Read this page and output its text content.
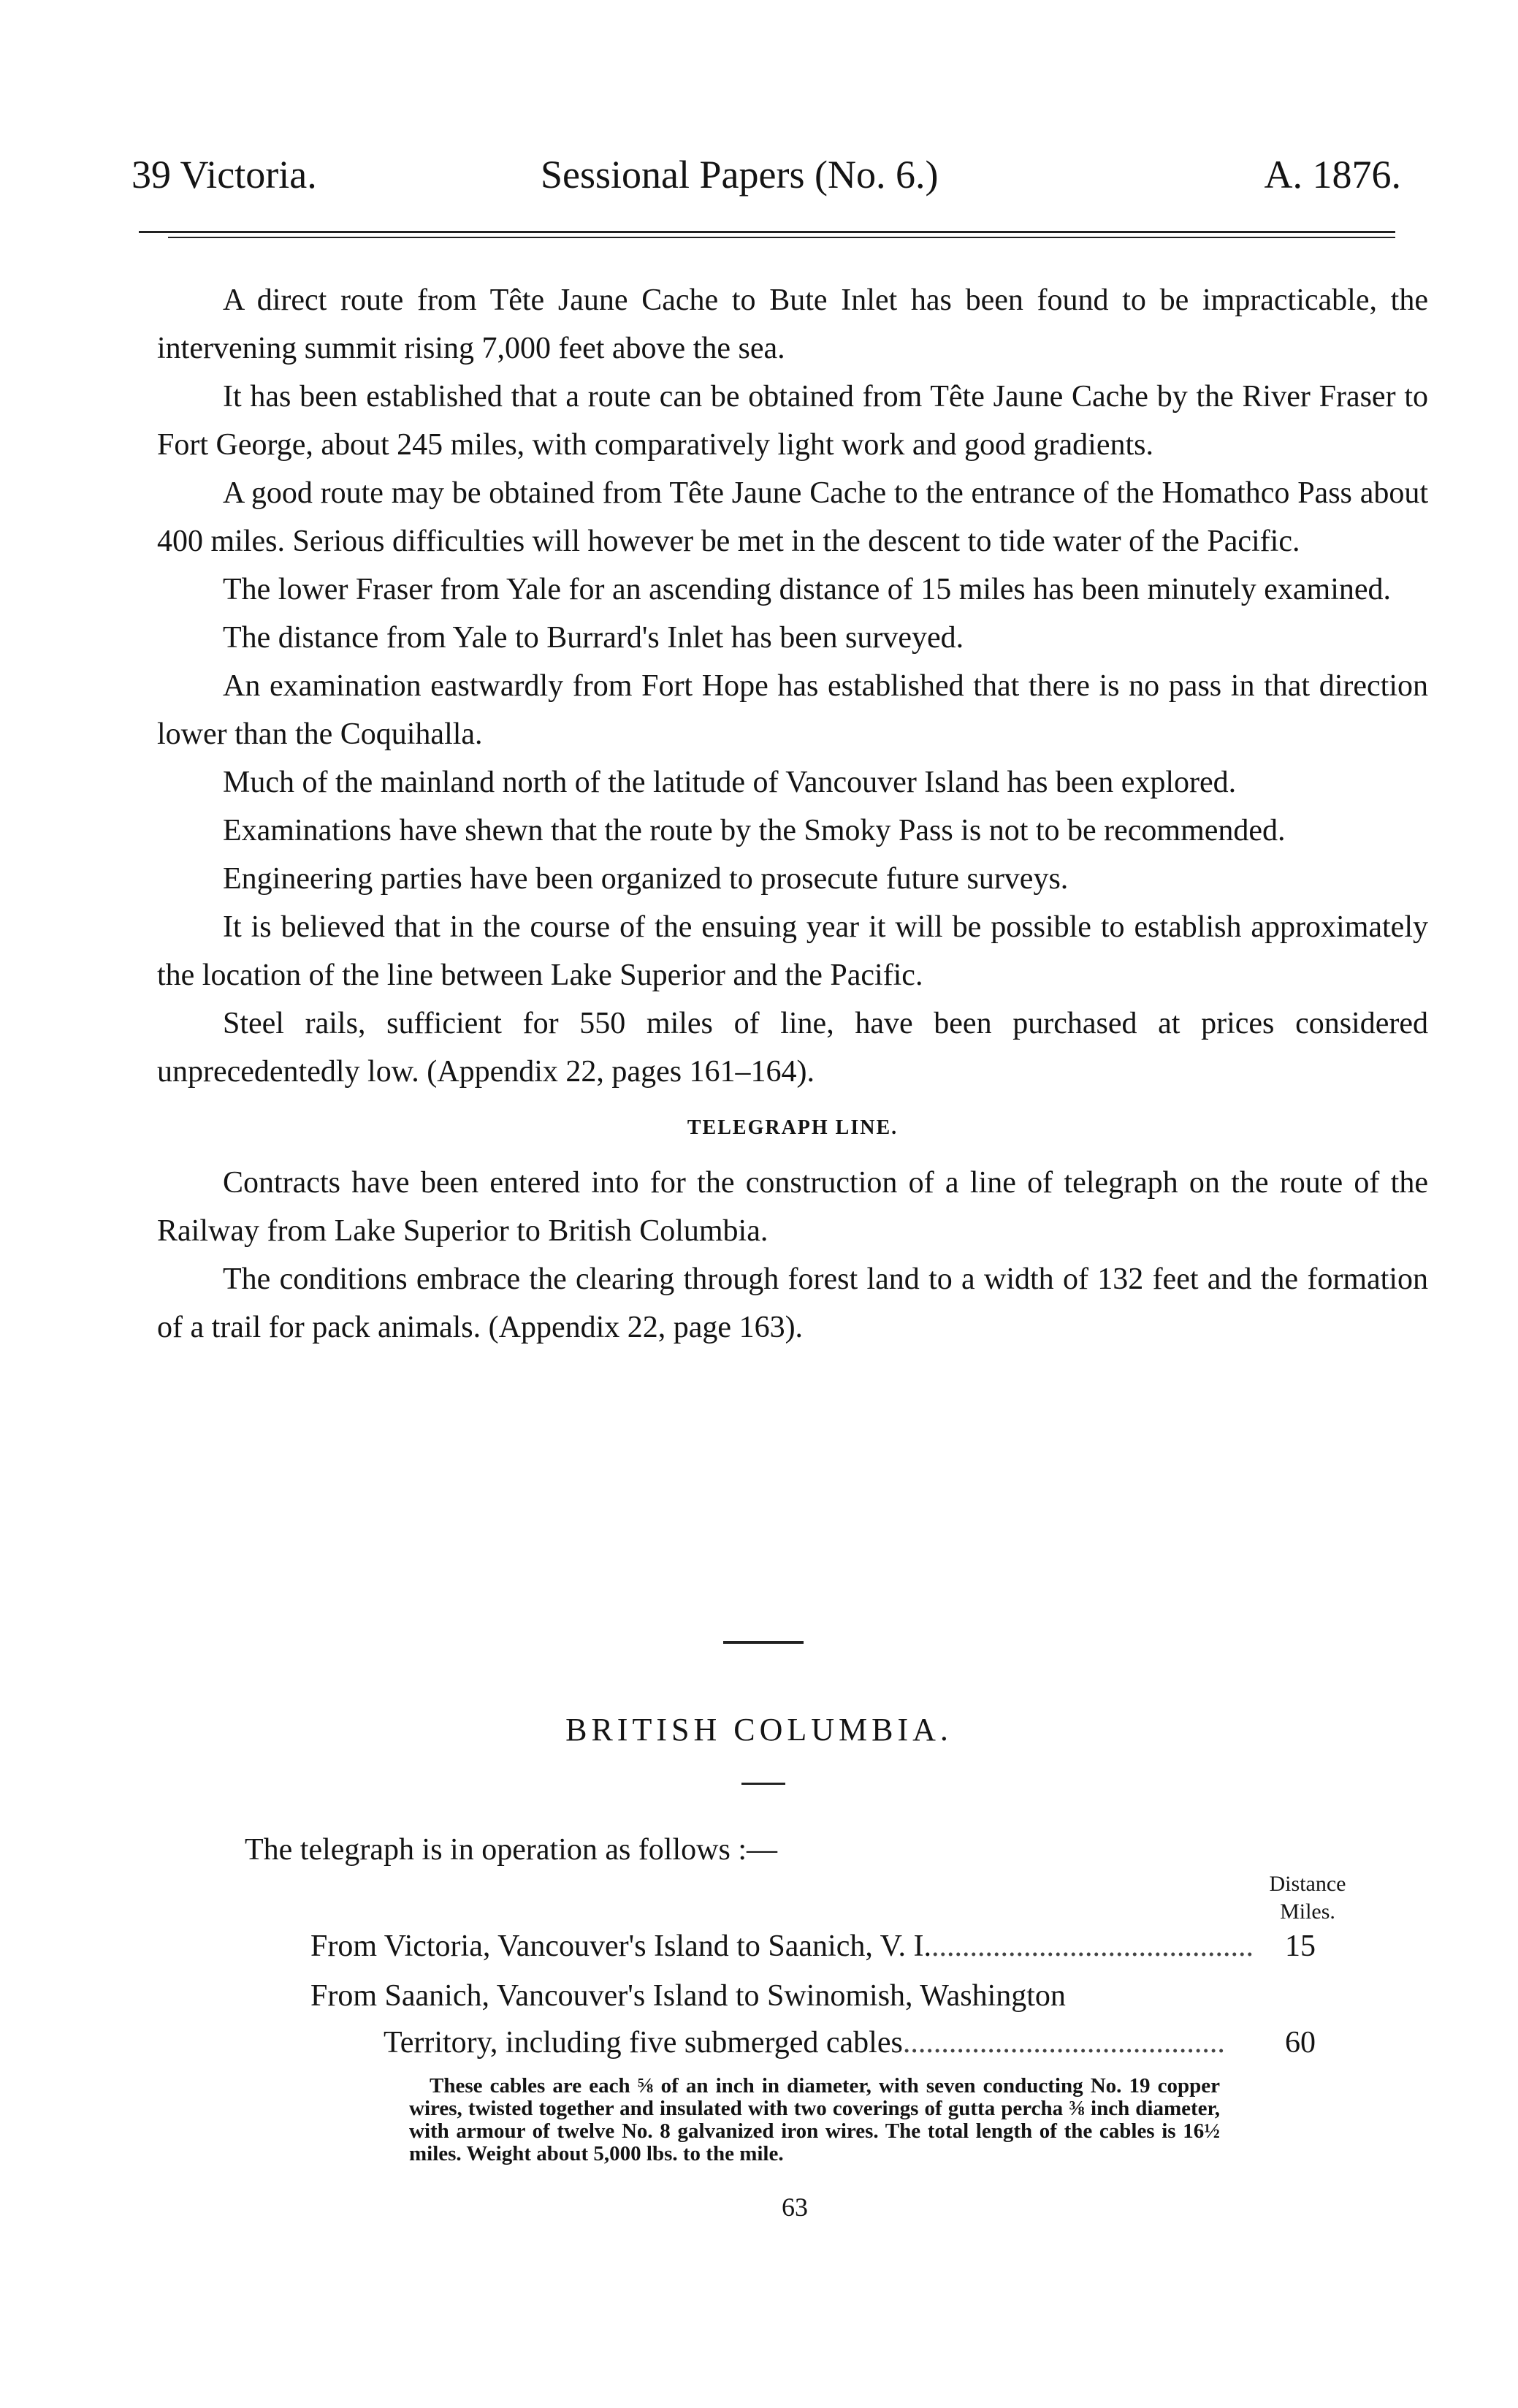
39 Victoria.	Sessional Papers (No. 6.)	A. 1876.

A direct route from Tête Jaune Cache to Bute Inlet has been found to be impracticable, the intervening summit rising 7,000 feet above the sea.

It has been established that a route can be obtained from Tête Jaune Cache by the River Fraser to Fort George, about 245 miles, with comparatively light work and good gradients.

A good route may be obtained from Tête Jaune Cache to the entrance of the Homathco Pass about 400 miles. Serious difficulties will however be met in the descent to tide water of the Pacific.

The lower Fraser from Yale for an ascending distance of 15 miles has been minutely examined.

The distance from Yale to Burrard's Inlet has been surveyed.

An examination eastwardly from Fort Hope has established that there is no pass in that direction lower than the Coquihalla.

Much of the mainland north of the latitude of Vancouver Island has been explored.

Examinations have shewn that the route by the Smoky Pass is not to be recommended.

Engineering parties have been organized to prosecute future surveys.

It is believed that in the course of the ensuing year it will be possible to establish approximately the location of the line between Lake Superior and the Pacific.

Steel rails, sufficient for 550 miles of line, have been purchased at prices considered unprecedentedly low. (Appendix 22, pages 161–164).

TELEGRAPH LINE.

Contracts have been entered into for the construction of a line of telegraph on the route of the Railway from Lake Superior to British Columbia.

The conditions embrace the clearing through forest land to a width of 132 feet and the formation of a trail for pack animals. (Appendix 22, page 163).

BRITISH COLUMBIA.
The telegraph is in operation as follows :—
Distance
Miles.
From Victoria, Vancouver's Island to Saanich, V. I...........................................	15
From Saanich, Vancouver's Island to Swinomish, Washington
Territory, including five submerged cables..........................................	60
These cables are each ⅝ of an inch in diameter, with seven conducting No. 19 copper wires, twisted together and insulated with two coverings of gutta percha ⅜ inch diameter, with armour of twelve No. 8 galvanized iron wires. The total length of the cables is 16½ miles. Weight about 5,000 lbs. to the mile.
63
